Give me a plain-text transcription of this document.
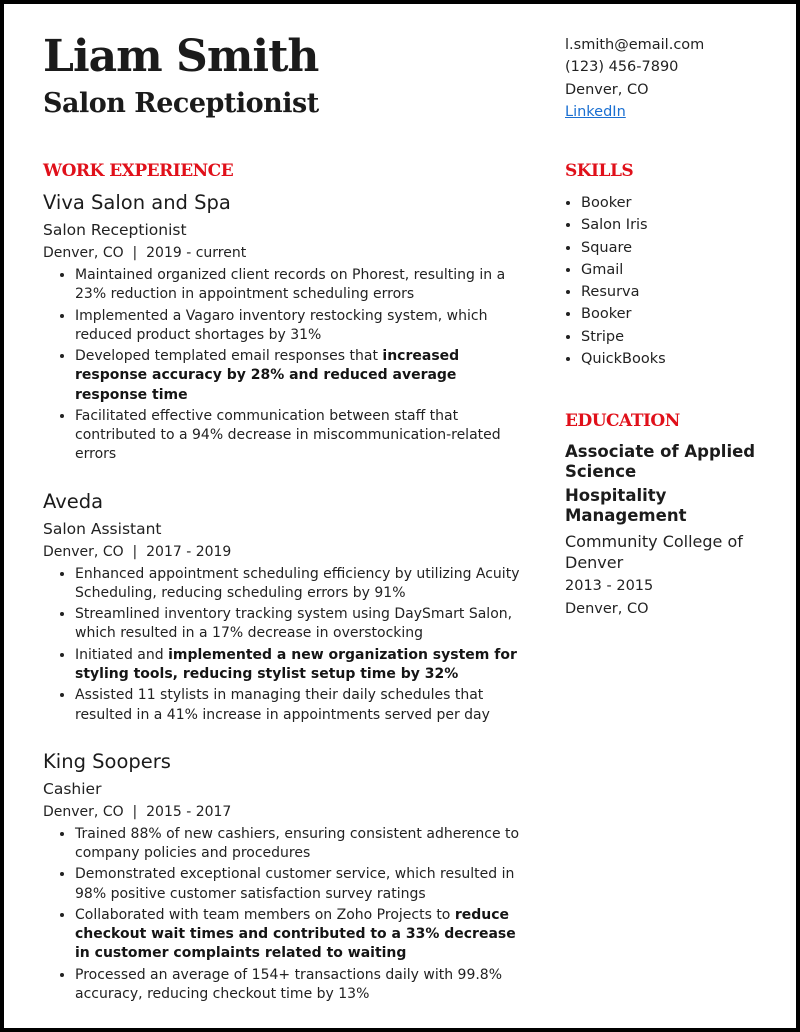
Liam Smith
Salon Receptionist
l.smith@email.com
(123) 456-7890
Denver, CO
LinkedIn
WORK EXPERIENCE
Viva Salon and Spa
Salon Receptionist
Denver, CO  |  2019 - current
• Maintained organized client records on Phorest, resulting in a 23% reduction in appointment scheduling errors
• Implemented a Vagaro inventory restocking system, which reduced product shortages by 31%
• Developed templated email responses that increased response accuracy by 28% and reduced average response time
• Facilitated effective communication between staff that contributed to a 94% decrease in miscommunication-related errors
Aveda
Salon Assistant
Denver, CO  |  2017 - 2019
• Enhanced appointment scheduling efficiency by utilizing Acuity Scheduling, reducing scheduling errors by 91%
• Streamlined inventory tracking system using DaySmart Salon, which resulted in a 17% decrease in overstocking
• Initiated and implemented a new organization system for styling tools, reducing stylist setup time by 32%
• Assisted 11 stylists in managing their daily schedules that resulted in a 41% increase in appointments served per day
King Soopers
Cashier
Denver, CO  |  2015 - 2017
• Trained 88% of new cashiers, ensuring consistent adherence to company policies and procedures
• Demonstrated exceptional customer service, which resulted in 98% positive customer satisfaction survey ratings
• Collaborated with team members on Zoho Projects to reduce checkout wait times and contributed to a 33% decrease in customer complaints related to waiting
• Processed an average of 154+ transactions daily with 99.8% accuracy, reducing checkout time by 13%
SKILLS
• Booker
• Salon Iris
• Square
• Gmail
• Resurva
• Booker
• Stripe
• QuickBooks
EDUCATION
Associate of Applied Science
Hospitality Management
Community College of Denver
2013 - 2015
Denver, CO
